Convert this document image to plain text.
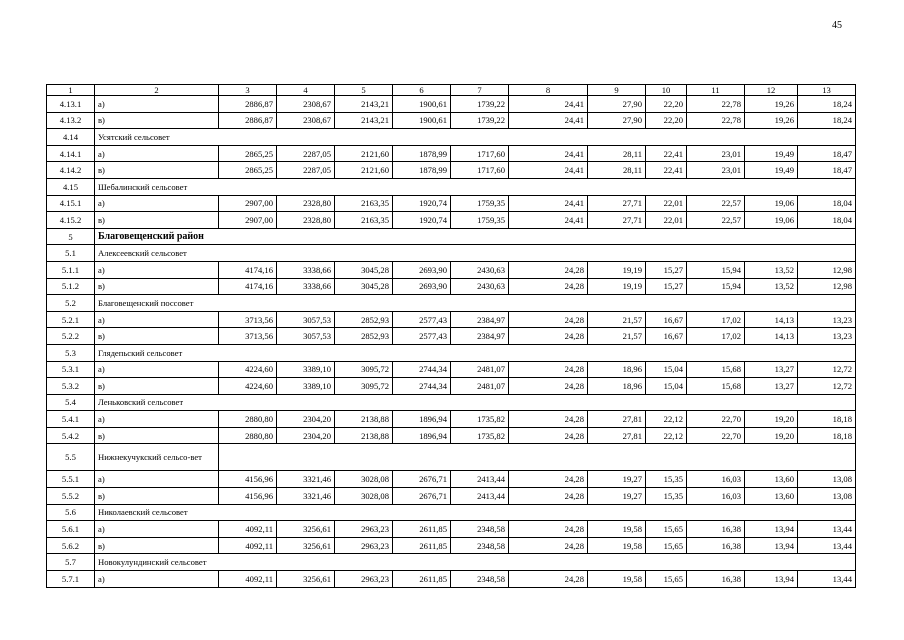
45
1	2	3	4	5	6	7	8	9	10	11	12	13
4.13.1	а)	2886,87	2308,67	2143,21	1900,61	1739,22	24,41	27,90	22,20	22,78	19,26	18,24
4.13.2	в)	2886,87	2308,67	2143,21	1900,61	1739,22	24,41	27,90	22,20	22,78	19,26	18,24
4.14	Усятский сельсовет											
4.14.1	а)	2865,25	2287,05	2121,60	1878,99	1717,60	24,41	28,11	22,41	23,01	19,49	18,47
4.14.2	в)	2865,25	2287,05	2121,60	1878,99	1717,60	24,41	28,11	22,41	23,01	19,49	18,47
4.15	Шебалинский сельсовет											
4.15.1	а)	2907,00	2328,80	2163,35	1920,74	1759,35	24,41	27,71	22,01	22,57	19,06	18,04
4.15.2	в)	2907,00	2328,80	2163,35	1920,74	1759,35	24,41	27,71	22,01	22,57	19,06	18,04
5	Благовещенский район											
5.1	Алексеевский сельсовет											
5.1.1	а)	4174,16	3338,66	3045,28	2693,90	2430,63	24,28	19,19	15,27	15,94	13,52	12,98
5.1.2	в)	4174,16	3338,66	3045,28	2693,90	2430,63	24,28	19,19	15,27	15,94	13,52	12,98
5.2	Благовещенский поссовет											
5.2.1	а)	3713,56	3057,53	2852,93	2577,43	2384,97	24,28	21,57	16,67	17,02	14,13	13,23
5.2.2	в)	3713,56	3057,53	2852,93	2577,43	2384,97	24,28	21,57	16,67	17,02	14,13	13,23
5.3	Глядепьский сельсовет											
5.3.1	а)	4224,60	3389,10	3095,72	2744,34	2481,07	24,28	18,96	15,04	15,68	13,27	12,72
5.3.2	в)	4224,60	3389,10	3095,72	2744,34	2481,07	24,28	18,96	15,04	15,68	13,27	12,72
5.4	Леньковский сельсовет											
5.4.1	а)	2880,80	2304,20	2138,88	1896,94	1735,82	24,28	27,81	22,12	22,70	19,20	18,18
5.4.2	в)	2880,80	2304,20	2138,88	1896,94	1735,82	24,28	27,81	22,12	22,70	19,20	18,18
5.5	Нижнекучукский сельсо-вет											
5.5.1	а)	4156,96	3321,46	3028,08	2676,71	2413,44	24,28	19,27	15,35	16,03	13,60	13,08
5.5.2	в)	4156,96	3321,46	3028,08	2676,71	2413,44	24,28	19,27	15,35	16,03	13,60	13,08
5.6	Николаевский сельсовет											
5.6.1	а)	4092,11	3256,61	2963,23	2611,85	2348,58	24,28	19,58	15,65	16,38	13,94	13,44
5.6.2	в)	4092,11	3256,61	2963,23	2611,85	2348,58	24,28	19,58	15,65	16,38	13,94	13,44
5.7	Новокулундинский сельсовет											
5.7.1	а)	4092,11	3256,61	2963,23	2611,85	2348,58	24,28	19,58	15,65	16,38	13,94	13,44
